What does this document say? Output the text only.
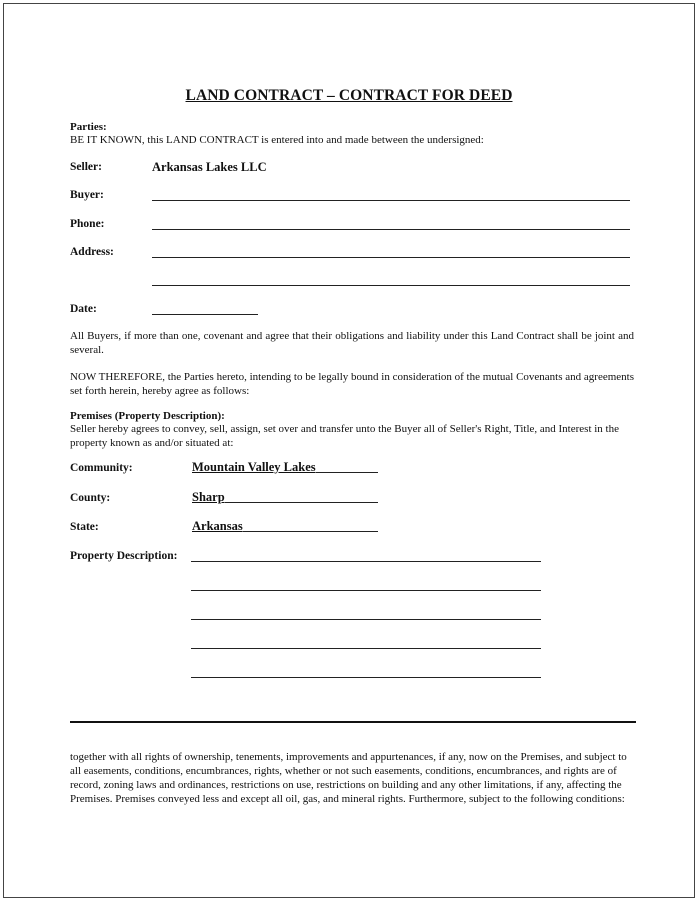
LAND CONTRACT – CONTRACT FOR DEED
Parties:
BE IT KNOWN, this LAND CONTRACT is entered into and made between the undersigned:
Seller:	Arkansas Lakes LLC
Buyer:
Phone:
Address:
Date:
All Buyers, if more than one, covenant and agree that their obligations and liability under this Land Contract shall be joint and several.
NOW THEREFORE, the Parties hereto, intending to be legally bound in consideration of the mutual Covenants and agreements set forth herein, hereby agree as follows:
Premises (Property Description):
Seller hereby agrees to convey, sell, assign, set over and transfer unto the Buyer all of Seller's Right, Title, and Interest in the property known as and/or situated at:
Community:	Mountain Valley Lakes
County:	Sharp
State:	Arkansas
Property Description:
together with all rights of ownership, tenements, improvements and appurtenances, if any, now on the Premises, and subject to all easements, conditions, encumbrances, rights, whether or not such easements, conditions, encumbrances, and rights are of record, zoning laws and ordinances, restrictions on use, restrictions on building and any other limitations, if any, affecting the Premises. Premises conveyed less and except all oil, gas, and mineral rights. Furthermore, subject to the following conditions:
